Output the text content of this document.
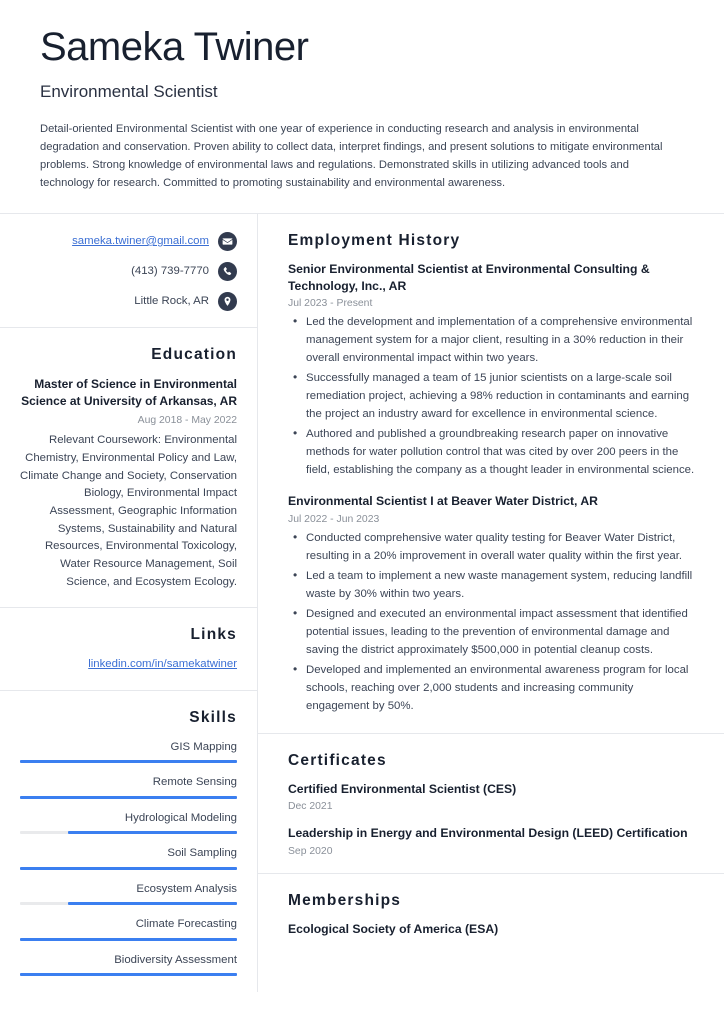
Sameka Twiner
Environmental Scientist
Detail-oriented Environmental Scientist with one year of experience in conducting research and analysis in environmental degradation and conservation. Proven ability to collect data, interpret findings, and present solutions to mitigate environmental problems. Strong knowledge of environmental laws and regulations. Demonstrated skills in utilizing advanced tools and technology for research. Committed to promoting sustainability and environmental awareness.
sameka.twiner@gmail.com
(413) 739-7770
Little Rock, AR
Education
Master of Science in Environmental Science at University of Arkansas, AR
Aug 2018 - May 2022
Relevant Coursework: Environmental Chemistry, Environmental Policy and Law, Climate Change and Society, Conservation Biology, Environmental Impact Assessment, Geographic Information Systems, Sustainability and Natural Resources, Environmental Toxicology, Water Resource Management, Soil Science, and Ecosystem Ecology.
Links
linkedin.com/in/samekatwiner
Skills
GIS Mapping
Remote Sensing
Hydrological Modeling
Soil Sampling
Ecosystem Analysis
Climate Forecasting
Biodiversity Assessment
Employment History
Senior Environmental Scientist at Environmental Consulting & Technology, Inc., AR
Jul 2023 - Present
• Led the development and implementation of a comprehensive environmental management system for a major client, resulting in a 30% reduction in their overall environmental impact within two years.
• Successfully managed a team of 15 junior scientists on a large-scale soil remediation project, achieving a 98% reduction in contaminants and earning the project an industry award for excellence in environmental science.
• Authored and published a groundbreaking research paper on innovative methods for water pollution control that was cited by over 200 peers in the field, establishing the company as a thought leader in environmental science.
Environmental Scientist I at Beaver Water District, AR
Jul 2022 - Jun 2023
• Conducted comprehensive water quality testing for Beaver Water District, resulting in a 20% improvement in overall water quality within the first year.
• Led a team to implement a new waste management system, reducing landfill waste by 30% within two years.
• Designed and executed an environmental impact assessment that identified potential issues, leading to the prevention of environmental damage and saving the district approximately $500,000 in potential cleanup costs.
• Developed and implemented an environmental awareness program for local schools, reaching over 2,000 students and increasing community engagement by 50%.
Certificates
Certified Environmental Scientist (CES)
Dec 2021
Leadership in Energy and Environmental Design (LEED) Certification
Sep 2020
Memberships
Ecological Society of America (ESA)
